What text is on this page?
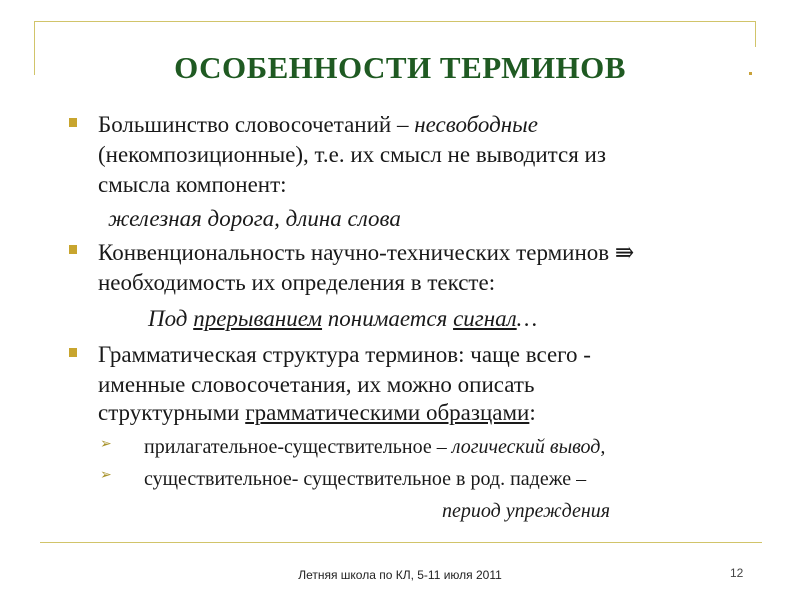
ОСОБЕННОСТИ ТЕРМИНОВ

Большинство словосочетаний – несвободные

(некомпозиционные), т.е. их смысл не выводится из

смысла компонент:

железная дорога, длина слова

Конвенциональность научно-технических терминов ⇛

необходимость их определения в тексте:

Под прерыванием понимается сигнал…

Грамматическая структура терминов: чаще всего -

именные словосочетания, их можно описать

структурными грамматическими образцами:

➢ прилагательное-существительное – логический вывод,

➢ существительное- существительное в род. падеже –

период упреждения

Летняя школа по КЛ, 5-11 июля 2011	12
